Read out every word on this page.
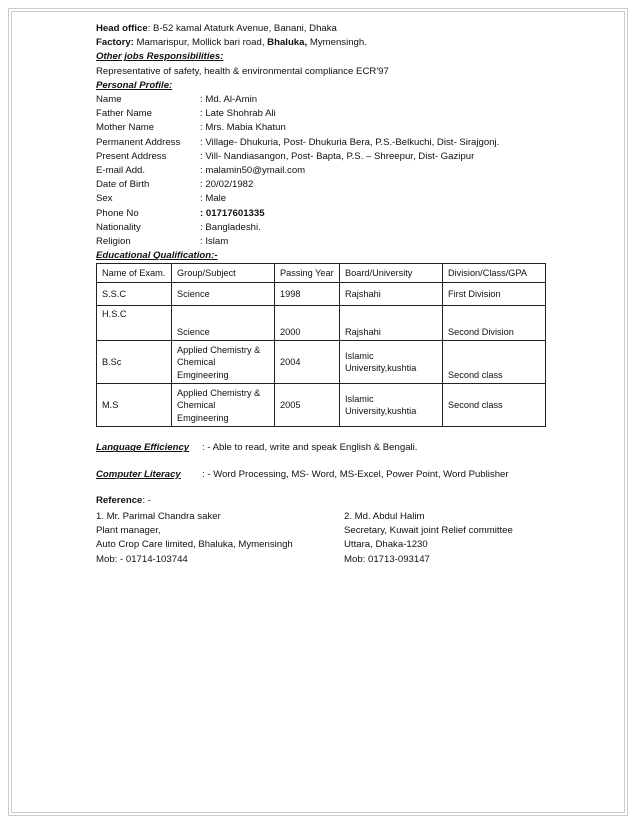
Head office: B-52 kamal Ataturk Avenue, Banani, Dhaka
Factory: Mamarispur, Mollick bari road, Bhaluka, Mymensingh.
Other jobs Responsibilities:
Representative of safety, health & environmental compliance ECR'97
Personal Profile:
Name	: Md. Al-Amin
Father Name	: Late Shohrab Ali
Mother Name	: Mrs. Mabia Khatun
Permanent Address	: Village- Dhukuria, Post- Dhukuria Bera, P.S.-Belkuchi, Dist- Sirajgonj.
Present Address	: Vill- Nandiasangon, Post- Bapta, P.S. – Shreepur, Dist- Gazipur
E-mail Add.	: malamin50@ymail.com
Date of Birth	: 20/02/1982
Sex	: Male
Phone No	: 01717601335
Nationality	: Bangladeshi.
Religion	: Islam
Educational Qualification:-
Name of Exam.	Group/Subject	Passing Year	Board/University	Division/Class/GPA
S.S.C	Science	1998	Rajshahi	First Division
H.S.C	Science	2000	Rajshahi	Second Division
B.Sc	Applied Chemistry & Chemical Emgineering	2004	Islamic University,kushtia	Second class
M.S	Applied Chemistry & Chemical Emgineering	2005	Islamic University,kushtia	Second class
Language Efficiency	: - Able to read, write and speak English & Bengali.
Computer Literacy	: - Word Processing, MS- Word, MS-Excel, Power Point, Word Publisher
Reference: -
1. Mr. Parimal Chandra saker
Plant manager,
Auto Crop Care limited, Bhaluka, Mymensingh
Mob: - 01714-103744
2. Md. Abdul Halim
Secretary, Kuwait joint Relief committee
Uttara, Dhaka-1230
Mob: 01713-093147
